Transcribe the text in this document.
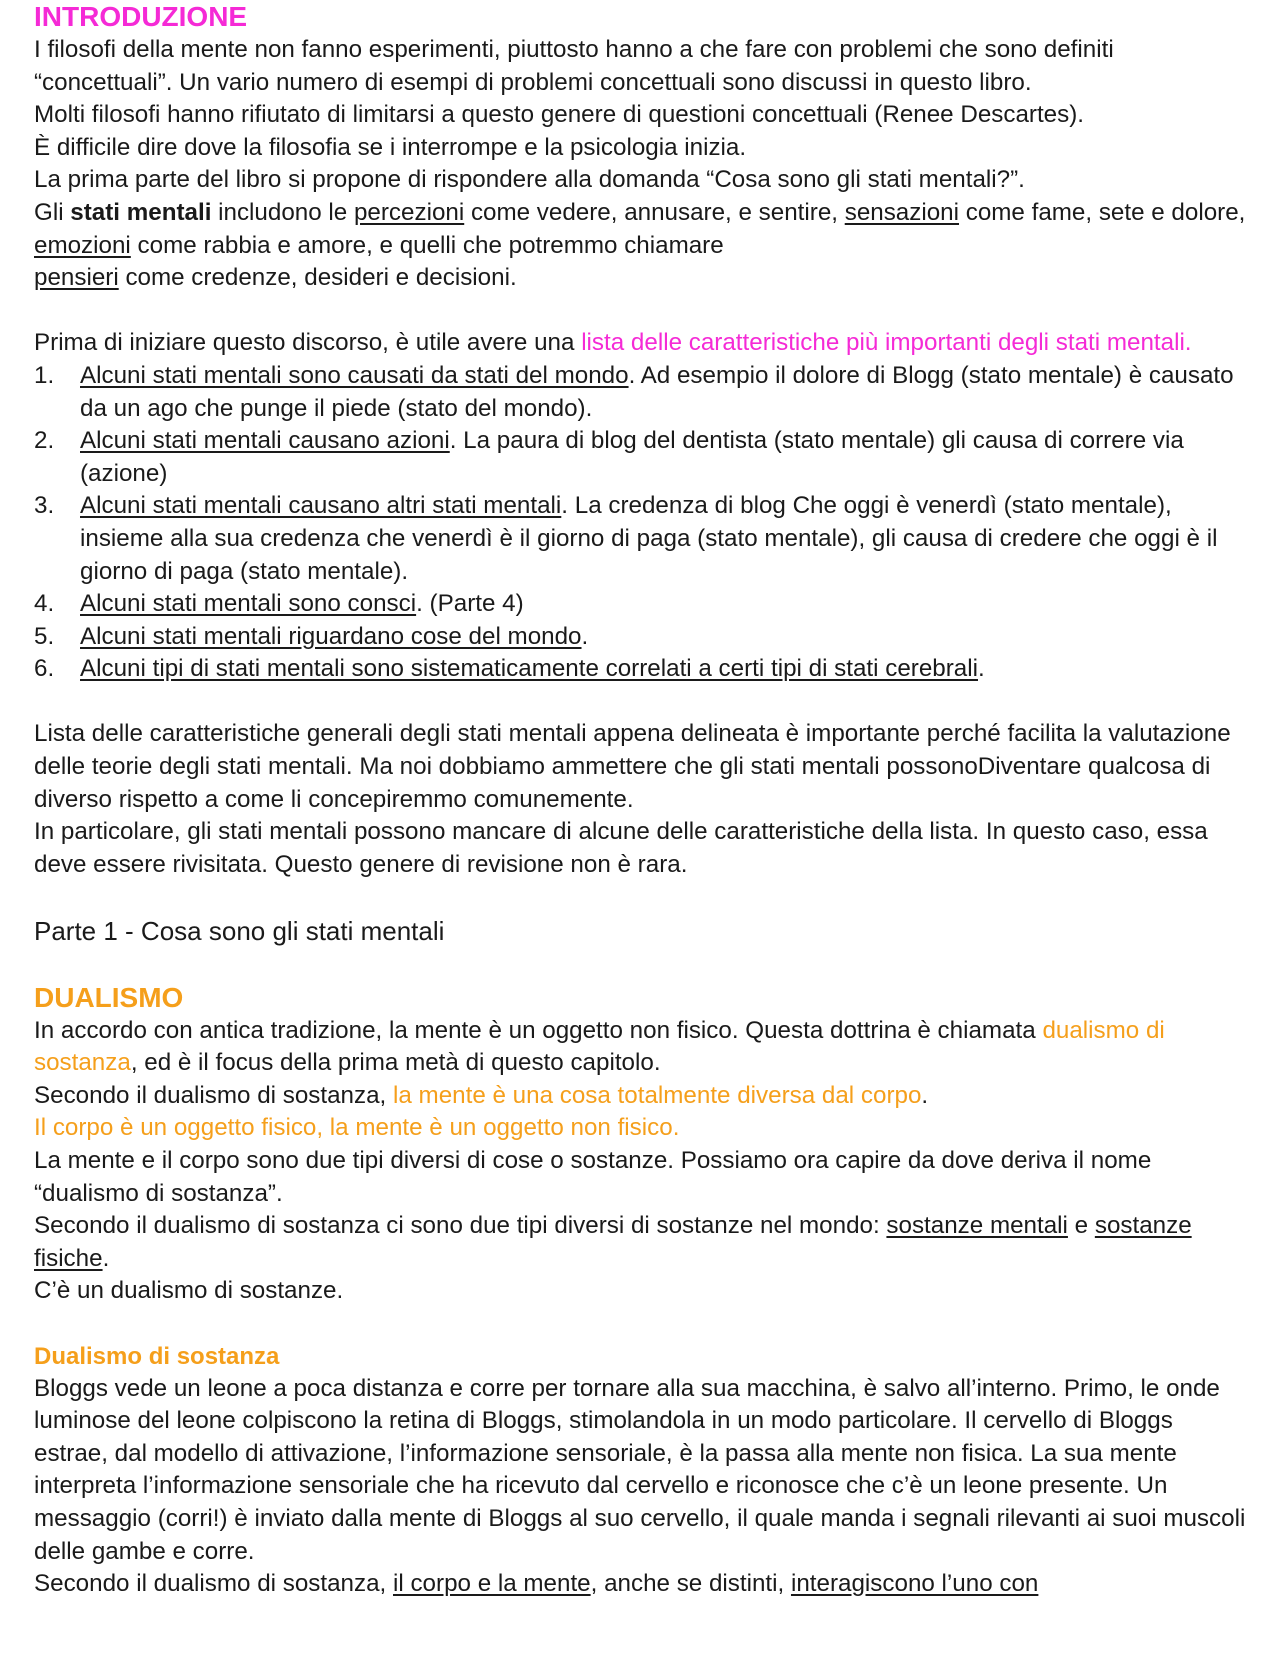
INTRODUZIONE

I filosofi della mente non fanno esperimenti, piuttosto hanno a che fare con problemi che sono definiti “concettuali”. Un vario numero di esempi di problemi concettuali sono discussi in questo libro.

Molti filosofi hanno rifiutato di limitarsi a questo genere di questioni concettuali (Renee Descartes).

È difficile dire dove la filosofia se i interrompe e la psicologia inizia.

La prima parte del libro si propone di rispondere alla domanda “Cosa sono gli stati mentali?”.

Gli stati mentali includono le percezioni come vedere, annusare, e sentire, sensazioni come fame, sete e dolore, emozioni come rabbia e amore, e quelli che potremmo chiamare
pensieri come credenze, desideri e decisioni.

Prima di iniziare questo discorso, è utile avere una lista delle caratteristiche più importanti degli stati mentali.

1. Alcuni stati mentali sono causati da stati del mondo. Ad esempio il dolore di Blogg (stato mentale) è causato da un ago che punge il piede (stato del mondo).
2. Alcuni stati mentali causano azioni. La paura di blog del dentista (stato mentale) gli causa di correre via (azione)
3. Alcuni stati mentali causano altri stati mentali. La credenza di blog Che oggi è venerdì (stato mentale), insieme alla sua credenza che venerdì è il giorno di paga (stato mentale), gli causa di credere che oggi è il giorno di paga (stato mentale).
4. Alcuni stati mentali sono consci. (Parte 4)
5. Alcuni stati mentali riguardano cose del mondo.
6. Alcuni tipi di stati mentali sono sistematicamente correlati a certi tipi di stati cerebrali.

Lista delle caratteristiche generali degli stati mentali appena delineata è importante perché facilita la valutazione delle teorie degli stati mentali. Ma noi dobbiamo ammettere che gli stati mentali possonoDiventare qualcosa di diverso rispetto a come li concepiremmo comunemente.

In particolare, gli stati mentali possono mancare di alcune delle caratteristiche della lista. In questo caso, essa deve essere rivisitata. Questo genere di revisione non è rara.

Parte 1 - Cosa sono gli stati mentali

DUALISMO

In accordo con antica tradizione, la mente è un oggetto non fisico. Questa dottrina è chiamata dualismo di sostanza, ed è il focus della prima metà di questo capitolo.

Secondo il dualismo di sostanza, la mente è una cosa totalmente diversa dal corpo.

Il corpo è un oggetto fisico, la mente è un oggetto non fisico.

La mente e il corpo sono due tipi diversi di cose o sostanze. Possiamo ora capire da dove deriva il nome “dualismo di sostanza”.

Secondo il dualismo di sostanza ci sono due tipi diversi di sostanze nel mondo: sostanze mentali e sostanze fisiche.

C’è un dualismo di sostanze.

Dualismo di sostanza

Bloggs vede un leone a poca distanza e corre per tornare alla sua macchina, è salvo all’interno. Primo, le onde luminose del leone colpiscono la retina di Bloggs, stimolandola in un modo particolare. Il cervello di Bloggs estrae, dal modello di attivazione, l’informazione sensoriale, è la passa alla mente non fisica. La sua mente interpreta l’informazione sensoriale che ha ricevuto dal cervello e riconosce che c’è un leone presente. Un messaggio (corri!) è inviato dalla mente di Bloggs al suo cervello, il quale manda i segnali rilevanti ai suoi muscoli delle gambe e corre.

Secondo il dualismo di sostanza, il corpo e la mente, anche se distinti, interagiscono l’uno con
